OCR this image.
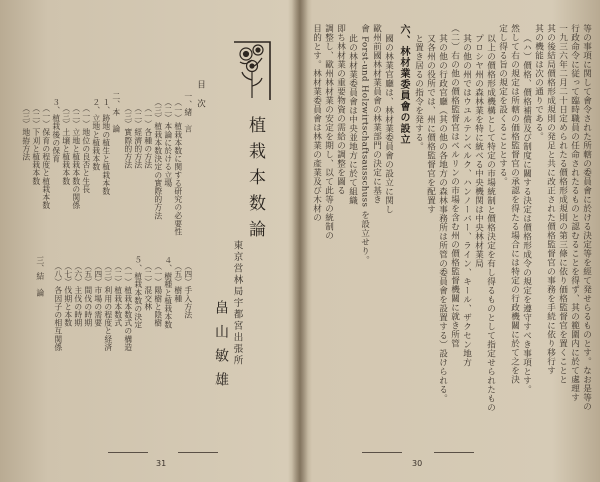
等の事項に関して會令された所轄の委員會に於ける決定等を經て発せらるものとす。なお是等の
行政命令に従って臨時職員の任命されたるものと認むることを得ず、其の範圍内に於て處理す
一九三六年二月二十日定められたる價格形成規則の第三條に依り価格監督官を置くことと
其の後結局價格形成規則の発足と共に改正された價格監督官の事務を手続に依り移行す
其の機能は次の通りである。
（ハ）價格、價格補償及び制度に關する決定は價格形成令の規定を遵守すべき事項とす。
然して右の規定は所轄の価格監督官の承認を得たる場合には特定の行政機關に於て之を決
定し得る旨の規定を設くることとする。
以上の價格形成機構として特定の市場統制と價格決定を有し得るものとして指定せられたもの
プロシヤ州の森林業を特に統べる中央機関は中央林材業局
其の他の州ではウユルテンベルク、ハンノーバー、ライン、キール、ザクセン地方
（二）右の他の價格監督官はベルリンの市場を含む州の價格監督機關に就き所管
其の他の行政官廳（其の他の各地方の森林事務所は所管の委員會を設置する）設けられる。
又各州の役所では、州に價格監督官を配置す
と置き居るの指令を発する。
六、林材業委員會の設立
國の林業官廳は、林材業委員會の設立に関し
歐州前國林材業員會の林業部門の決定に基き
會 Forst-und Holzwirtschaftsausschuss を設立せり。
此の林材業委員會は中央並地方に於て組織
即ち林材業の重要物資の需給の調整を圖る
調整し、歐州林材業の安定を期し、以て此等の統制の
目的とす。林材業委員會は林業の產業及び木材の
30
植栽本数論
東京営林局宇都宮出張所
畠山敏雄
目　次
一、緒　言
（一）植栽本数に関する研究の必要性
（二）本論に於ける立場
（三）植栽本数決定の實際的方法
（一）各種の方法
（二）經濟的方法
（三）實際的方法
二、本　論
１、跡地の植生と植栽本数
２、立地と植栽本数
（一）地位の良否と生長
（二）立地と植栽本数の関係
（三）土壌と植栽本数
３、植栽後の保育
（一）保育の程度と植栽本数
（二）下刈と植栽本数
（三）地拵方法
（四）手入方法
（五）樹種
４、樹種と植栽本数
（一）陽樹と陰樹
（二）混交林
５、植栽本数の決定
（一）植栽本数式の構造
（二）植栽本数式
（三）利用の程度と経済
（四）市場の需要
（五）間伐の時期
（六）主伐の時期
（七）伐期と本数
（八）各因子の相互関係
三、結　論
31
